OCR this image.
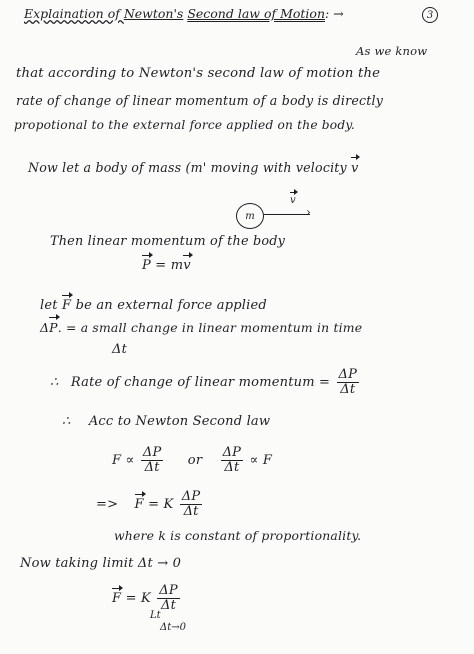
Explaination of Newton's Second law of Motion: →	3
As we know
that according to Newton's second law of motion the
rate of change of linear momentum of a body is directly
propotional to the external force applied on the body.
Now let a body of mass (m' moving with velocity v
m	›
v
Then linear momentum of the body
P = mv
let F be an external force applied
ΔP. = a small change in linear momentum in time
Δt
∴ Rate of change of linear momentum = $\frac{\Delta P}{\Delta t}$
∴ Acc to Newton Second law
$F \propto \frac{\Delta P}{\Delta t}$ or $\frac{\Delta P}{\Delta t} \propto F$
=> F = K $\frac{\Delta P}{\Delta t}$
where k is constant of proportionality.
Now taking limit Δt → 0
F = K $\frac{\Delta P}{\Delta t}$
Lt
Δt→0
